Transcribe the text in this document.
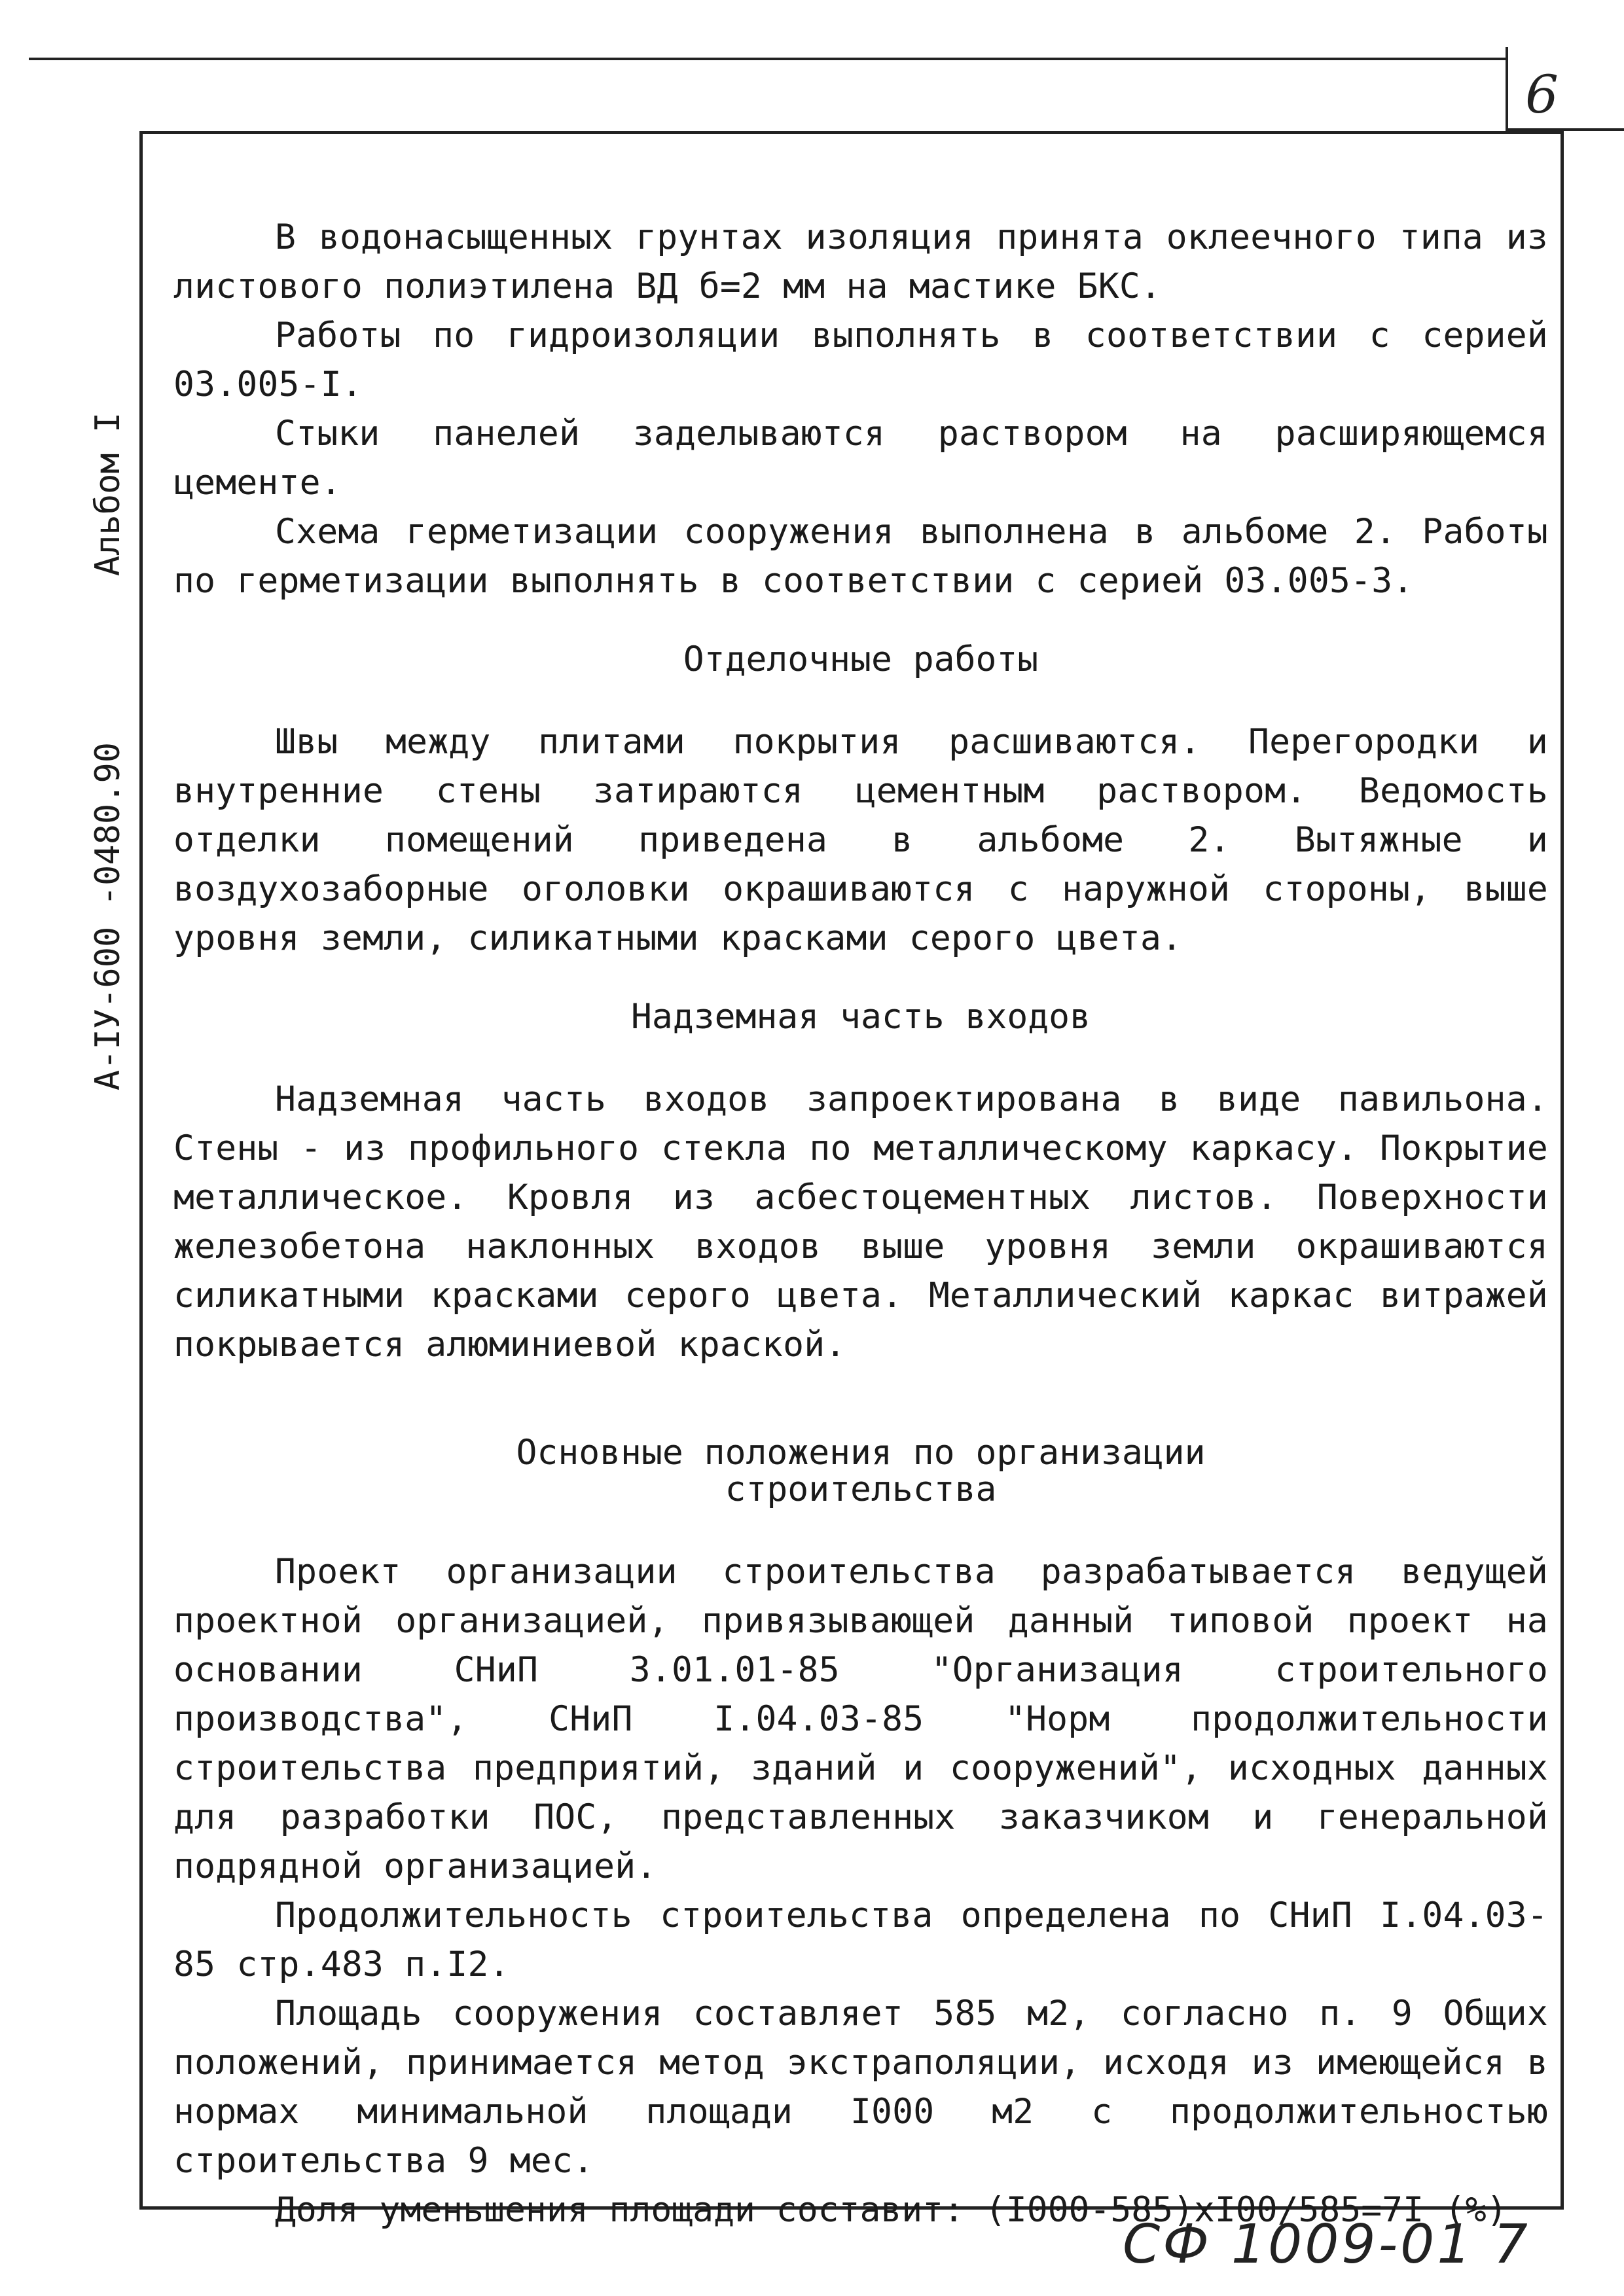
6
Альбом I
А-IУ-600 -0480.90

В водонасыщенных грунтах изоляция принята оклеечного типа из листового полиэтилена ВД б=2 мм на мастике БКС.

Работы по гидроизоляции выполнять в соответствии с серией 03.005-I.

Стыки панелей заделываются раствором на расширяющемся цементе.

Схема герметизации сооружения выполнена в альбоме 2. Работы по герметизации выполнять в соответствии с серией 03.005-3.

Отделочные работы

Швы между плитами покрытия расшиваются. Перегородки и внутренние стены затираются цементным раствором. Ведомость отделки помещений приведена в альбоме 2. Вытяжные и воздухозаборные оголовки окрашиваются с наружной стороны, выше уровня земли, силикатными красками серого цвета.

Надземная часть входов

Надземная часть входов запроектирована в виде павильона. Стены - из профильного стекла по металлическому каркасу. Покрытие металлическое. Кровля из асбестоцементных листов. Поверхности железобетона наклонных входов выше уровня земли окрашиваются силикатными красками серого цвета. Металлический каркас витражей покрывается алюминиевой краской.

Основные положения по организации

строительства

Проект организации строительства разрабатывается ведущей проектной организацией, привязывающей данный типовой проект на основании СНиП 3.01.01-85 "Организация строительного производства", СНиП I.04.03-85 "Норм продолжительности строительства предприятий, зданий и сооружений", исходных данных для разработки ПОС, представленных заказчиком и генеральной подрядной организацией.

Продолжительность строительства определена по СНиП I.04.03-85 стр.483 п.I2.

Площадь сооружения составляет 585 м2, согласно п. 9 Общих положений, принимается метод экстраполяции, исходя из имеющейся в нормах минимальной площади I000 м2 с продолжительностью строительства 9 мес.

Доля уменьшения площади составит: (I000-585)хI00/585=7I (%)

СФ 1009-01 7
